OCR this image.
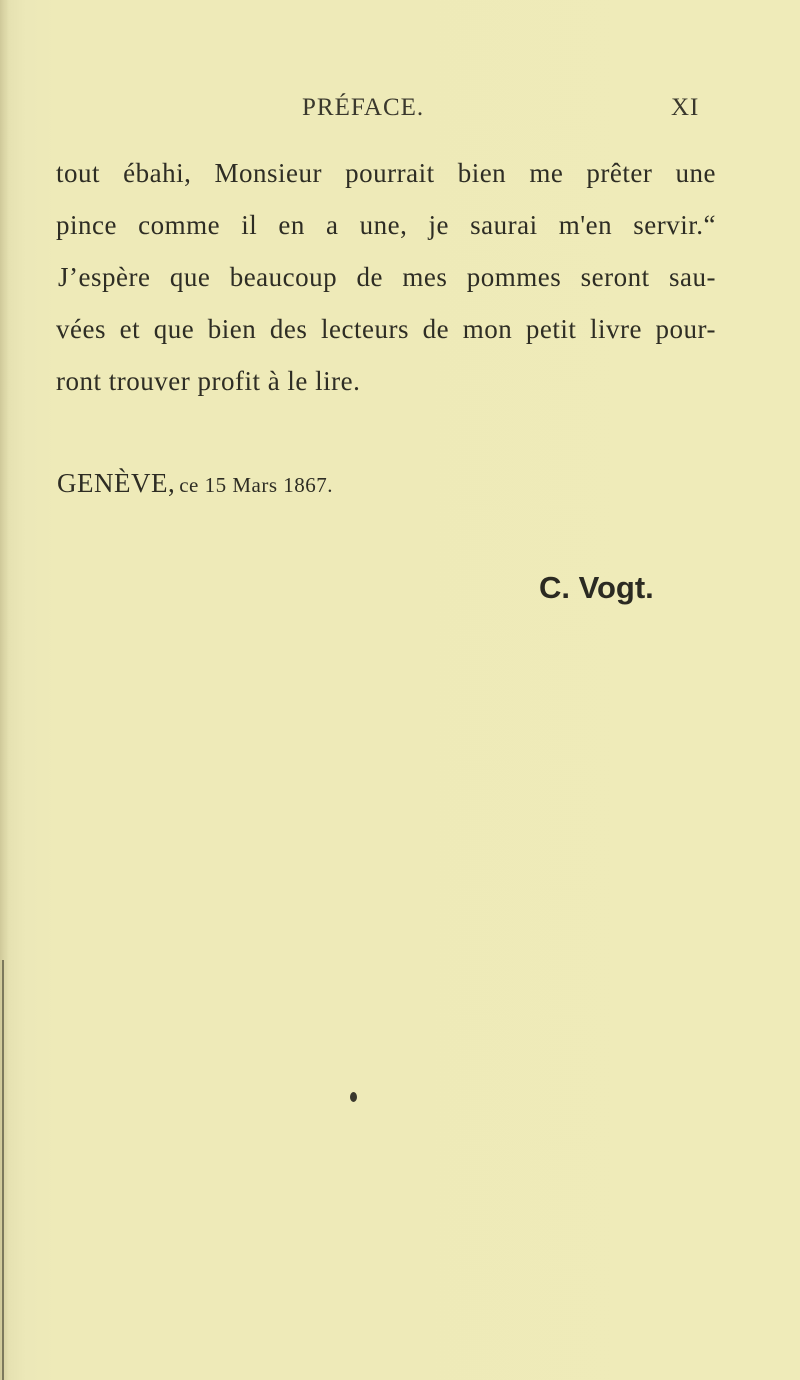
PRÉFACE.	XI
tout ébahi, Monsieur pourrait bien me prêter une
pince comme il en a une, je saurai m'en servir.“
J’espère que beaucoup de mes pommes seront sau-
vées et que bien des lecteurs de mon petit livre pour-
ront trouver profit à le lire.
GENÈVE, ce 15 Mars 1867.
C. Vogt.
